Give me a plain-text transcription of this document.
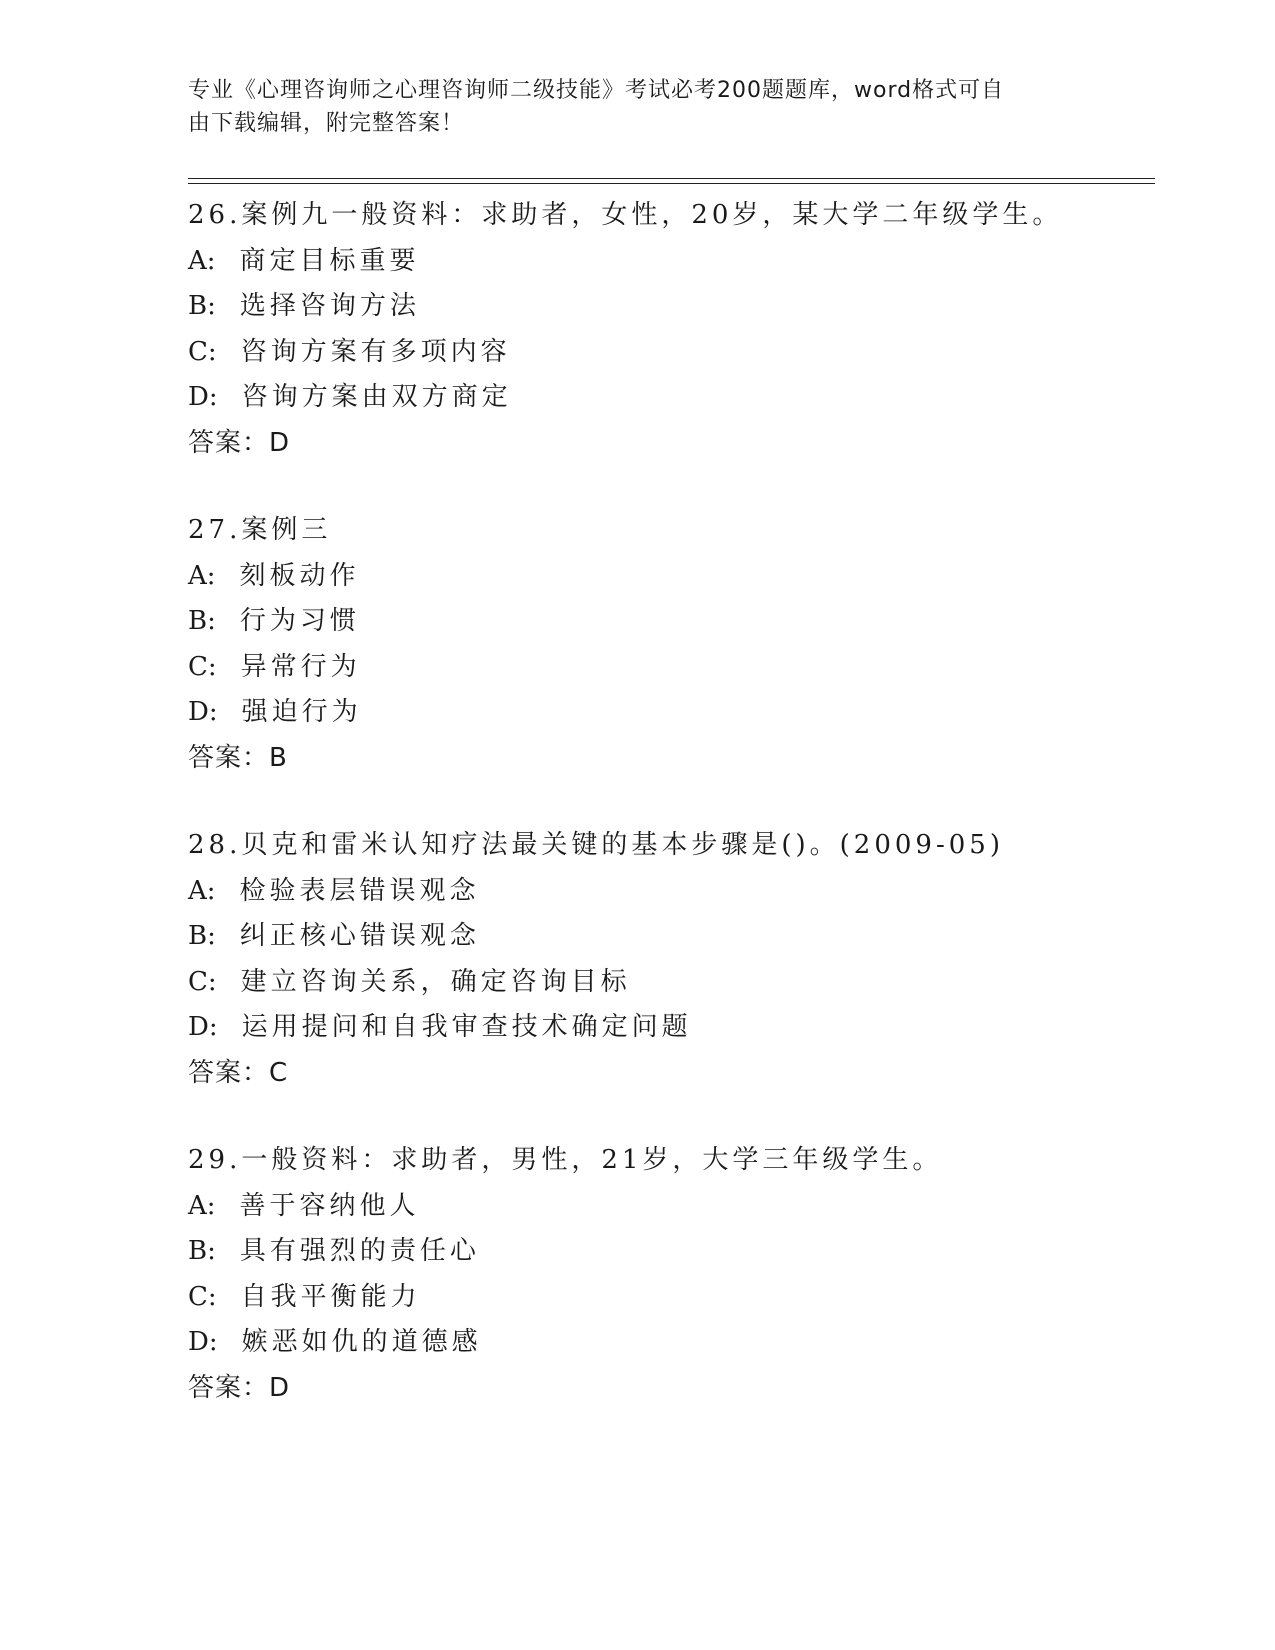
专业《心理咨询师之心理咨询师二级技能》考试必考200题题库，word格式可自
由下载编辑，附完整答案！
26.案例九一般资料：求助者，女性，20岁，某大学二年级学生。
A: 商定目标重要
B: 选择咨询方法
C: 咨询方案有多项内容
D: 咨询方案由双方商定
答案：D
27.案例三
A: 刻板动作
B: 行为习惯
C: 异常行为
D: 强迫行为
答案：B
28.贝克和雷米认知疗法最关键的基本步骤是()。(2009-05)
A: 检验表层错误观念
B: 纠正核心错误观念
C: 建立咨询关系，确定咨询目标
D: 运用提问和自我审查技术确定问题
答案：C
29.一般资料：求助者，男性，21岁，大学三年级学生。
A: 善于容纳他人
B: 具有强烈的责任心
C: 自我平衡能力
D: 嫉恶如仇的道德感
答案：D
